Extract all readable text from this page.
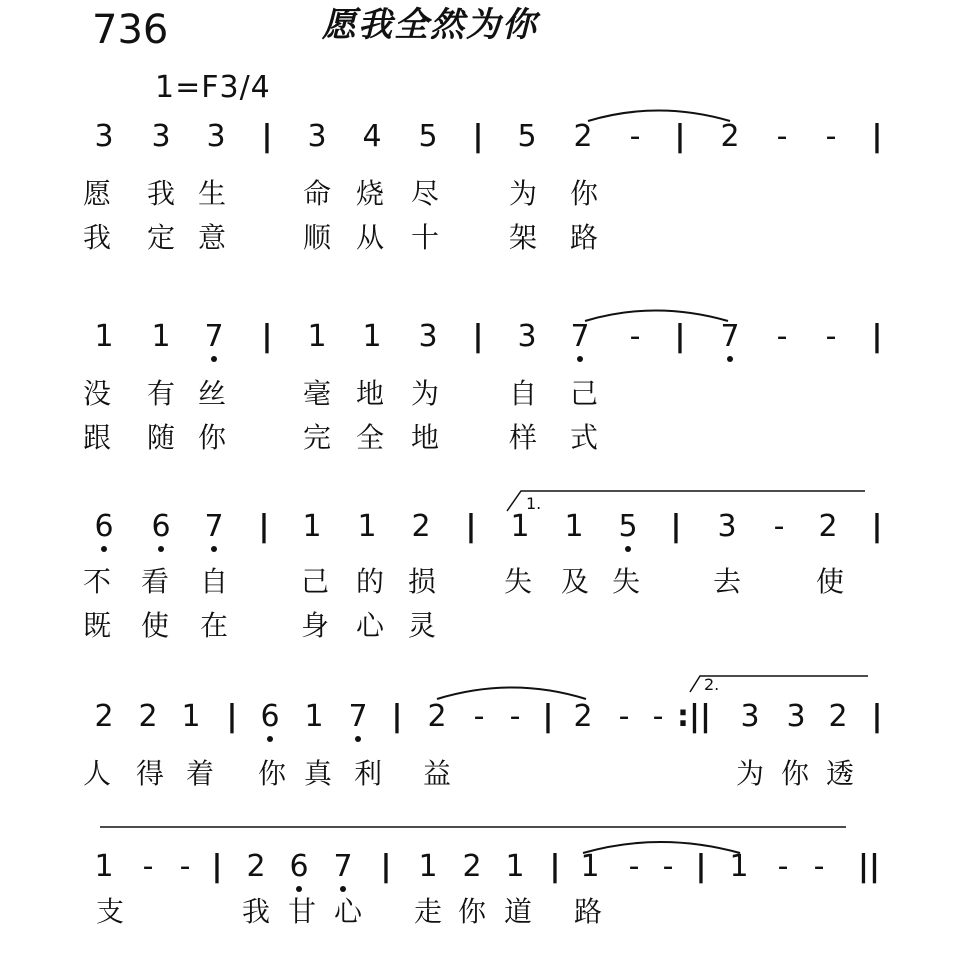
736	愿我全然为你
1=F3/4
1.
2.
3 3 3 | 3 4 5 | 5 2 - | 2 - - |
愿 我 生	命 烧 尽 为 你
我 定 意	顺 从 十 架 路
1 1 7 | 1 1 3 | 3 7 - | 7 - - |
没 有 丝	毫 地 为 自 己
跟 随 你	完 全 地 样 式
6 6 7 | 1 1 2 | 1 1 5 | 3 - 2 |
不 看 自	己 的 损 失 及 失	去	使
既 使 在	身 心 灵
2 2 1 | 6 1 7 | 2 - - | 2 - - :|| 3 3 2 |
人 得 着 你 真 利 益	为 你 透
1 - - | 2 6 7 | 1 2 1 | 1 - - | 1 - - ||
支	我 甘 心 走 你 道 路
